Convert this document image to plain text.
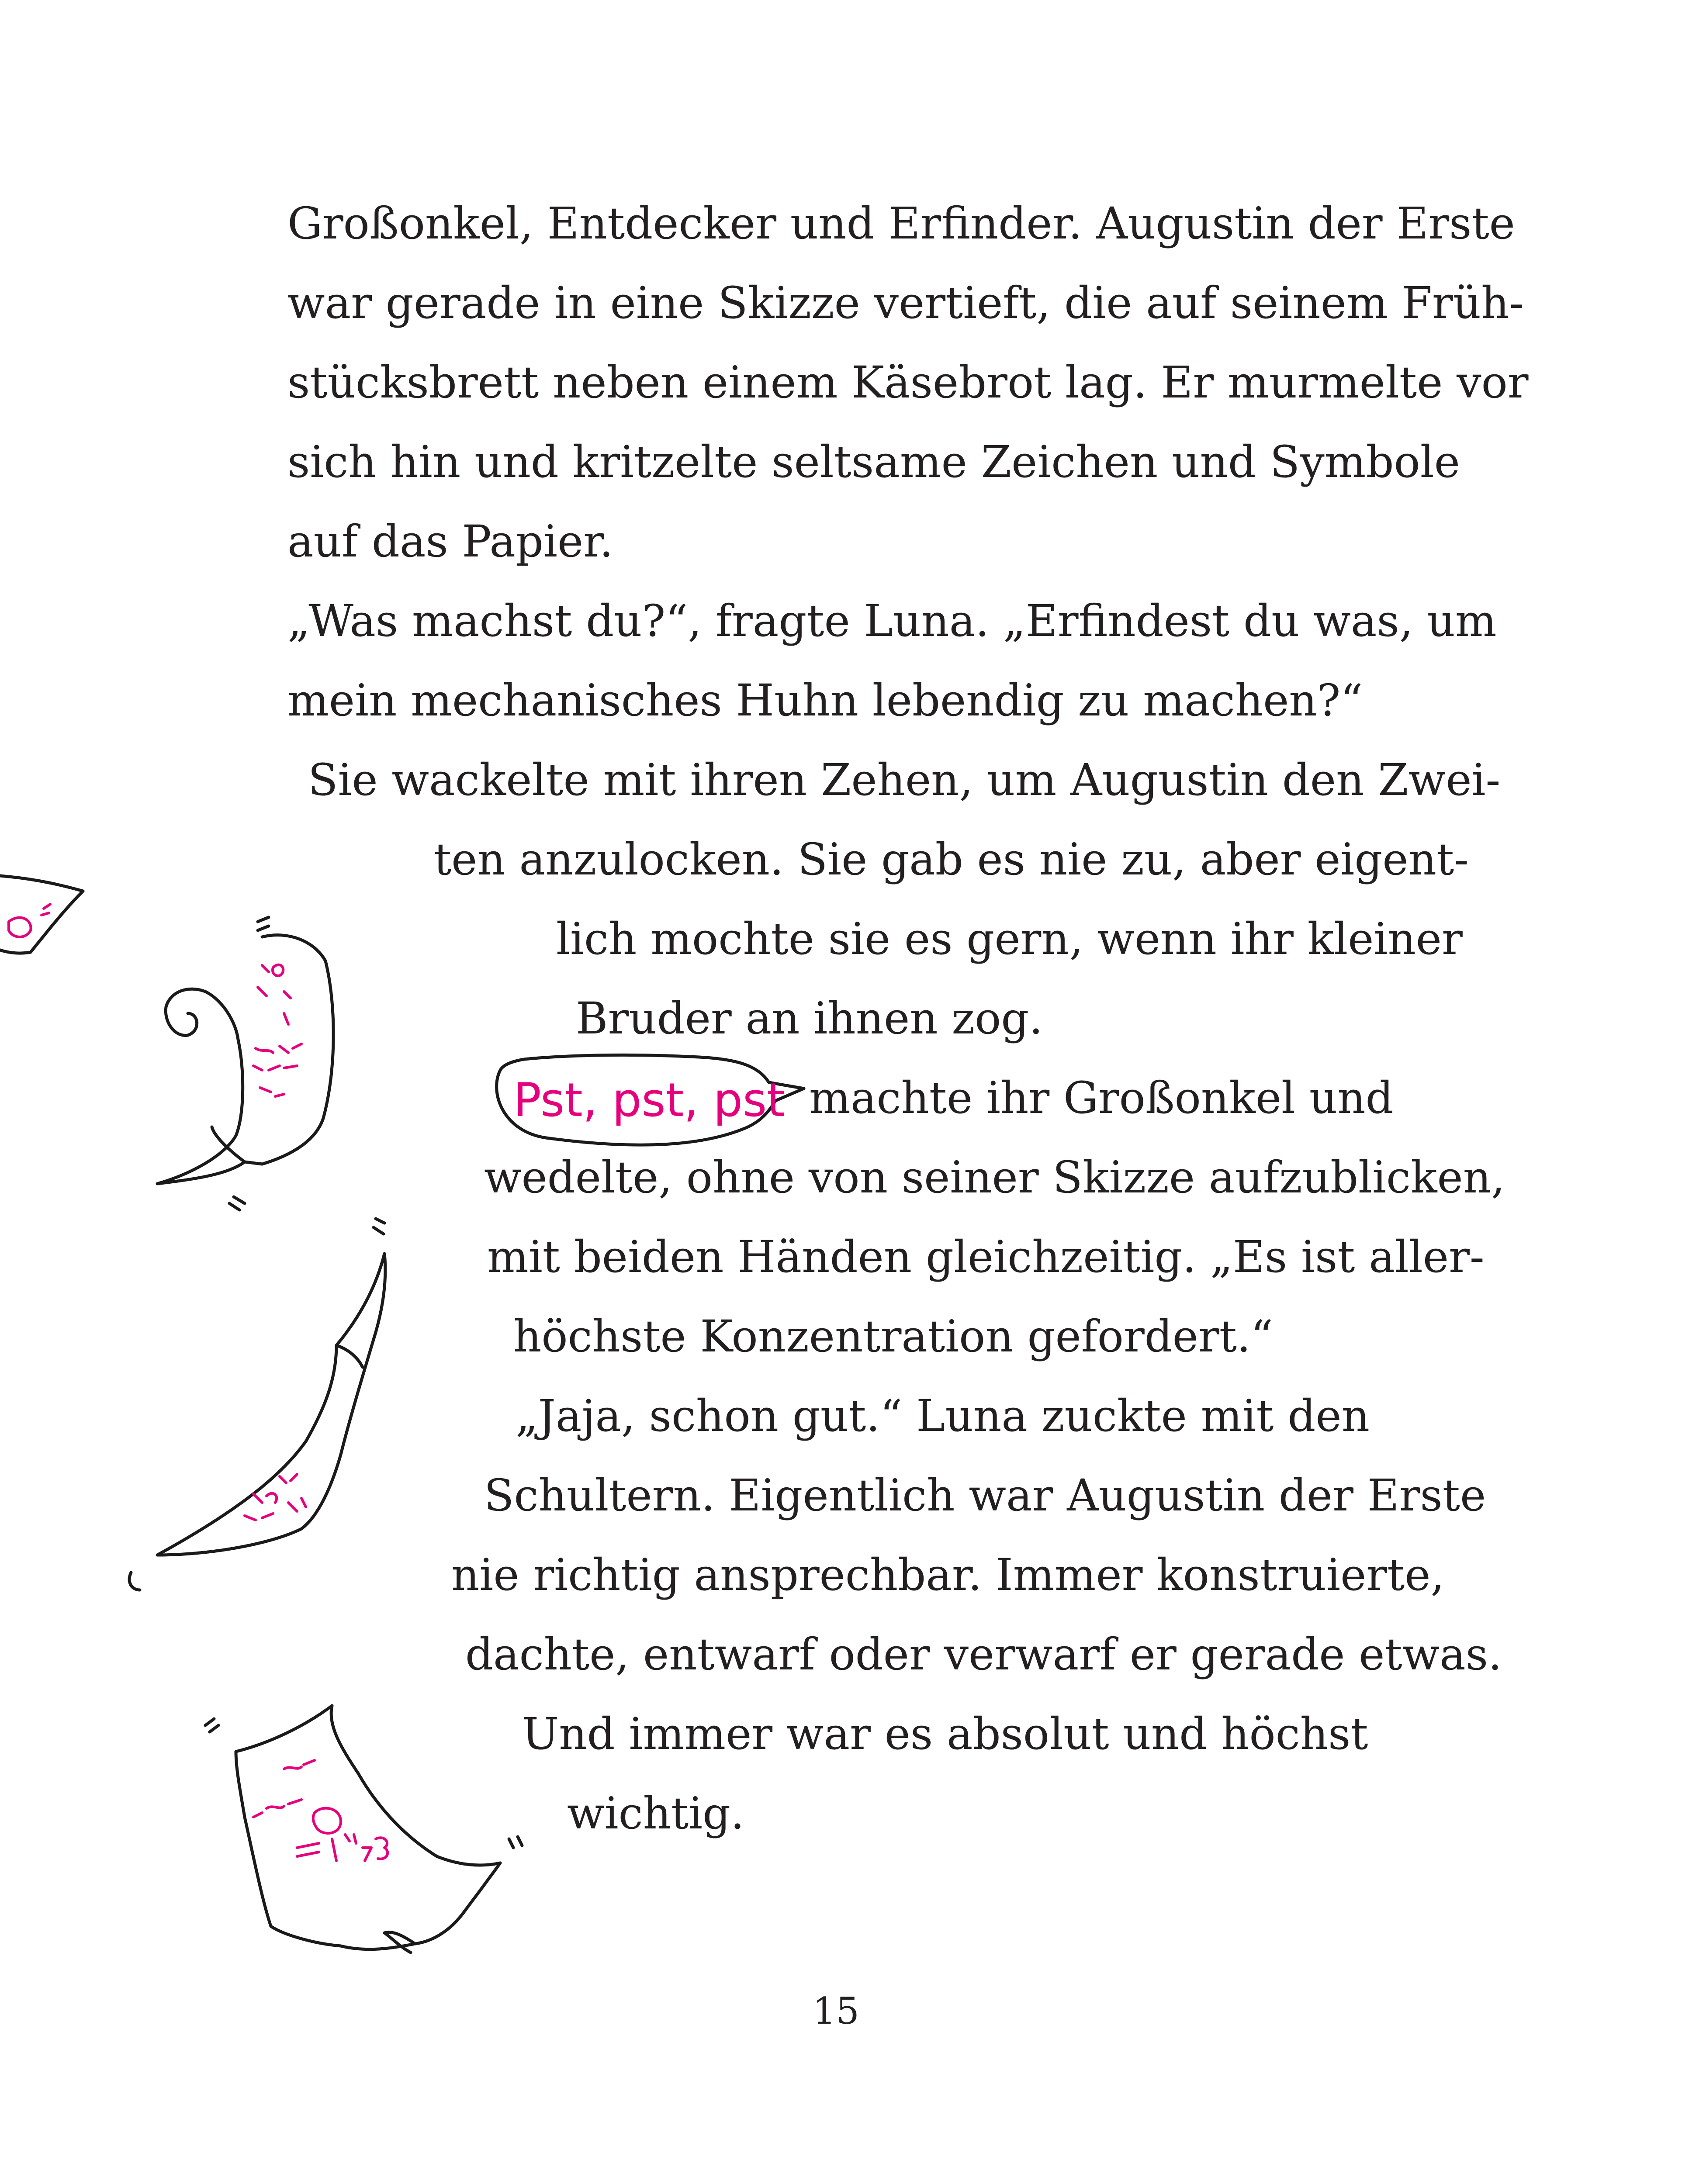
Großonkel, Entdecker und Erfinder. Augustin der Erste
war gerade in eine Skizze vertieft, die auf seinem Früh-
stücksbrett neben einem Käsebrot lag. Er murmelte vor
sich hin und kritzelte seltsame Zeichen und Symbole
auf das Papier.
„Was machst du?“, fragte Luna. „Erfindest du was, um
mein mechanisches Huhn lebendig zu machen?“
Sie wackelte mit ihren Zehen, um Augustin den Zwei-
ten anzulocken. Sie gab es nie zu, aber eigent-
lich mochte sie es gern, wenn ihr kleiner
Bruder an ihnen zog.
machte ihr Großonkel und
wedelte, ohne von seiner Skizze aufzublicken,
mit beiden Händen gleichzeitig. „Es ist aller-
höchste Konzentration gefordert.“
„Jaja, schon gut.“ Luna zuckte mit den
Schultern. Eigentlich war Augustin der Erste
nie richtig ansprechbar. Immer konstruierte,
dachte, entwarf oder verwarf er gerade etwas.
Und immer war es absolut und höchst
wichtig.
Pst, pst, pst
15
